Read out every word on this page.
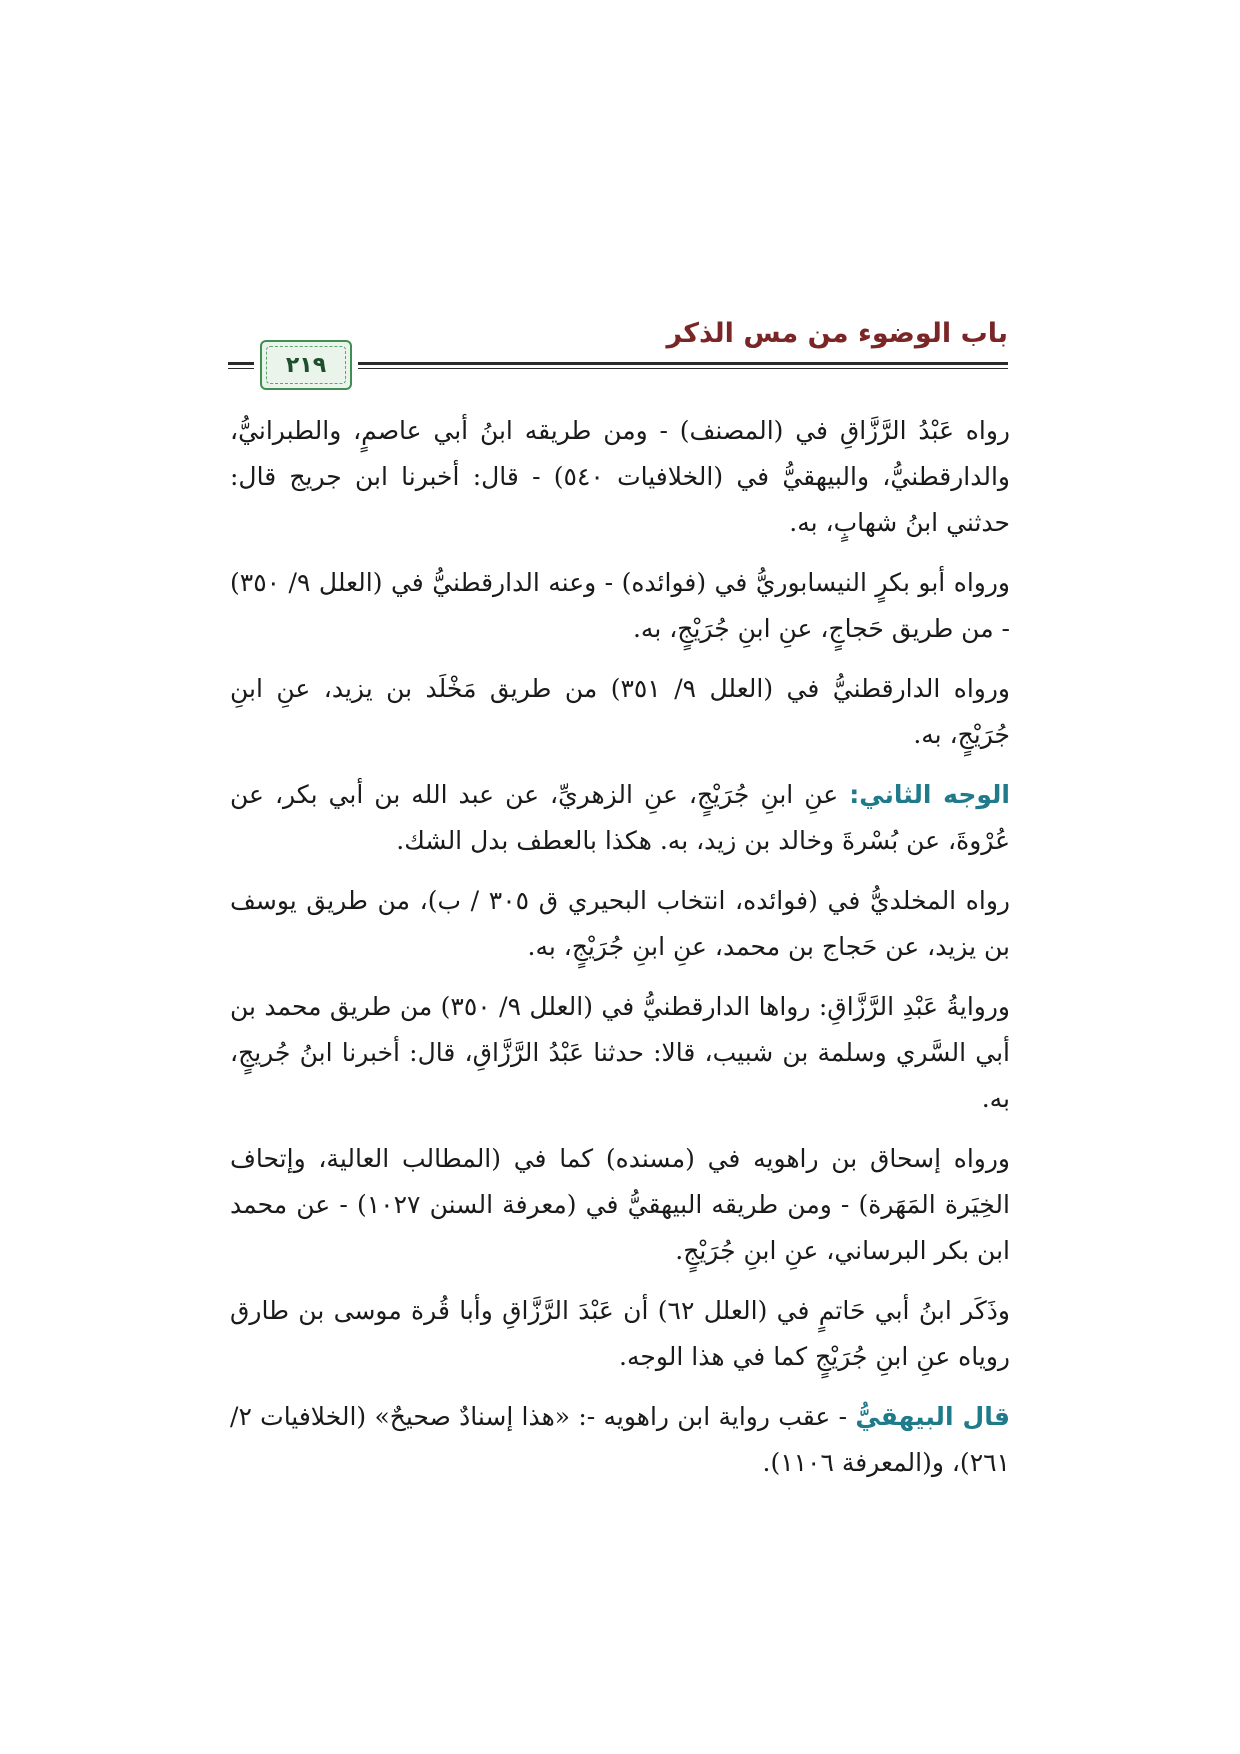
باب الوضوء من مس الذكر
٢١٩

رواه عَبْدُ الرَّزَّاقِ في (المصنف) - ومن طريقه ابنُ أبي عاصمٍ، والطبرانيُّ، والدارقطنيُّ، والبيهقيُّ في (الخلافيات ٥٤٠) - قال: أخبرنا ابن جريج قال: حدثني ابنُ شهابٍ، به.

ورواه أبو بكرٍ النيسابوريُّ في (فوائده) - وعنه الدارقطنيُّ في (العلل ٩/ ٣٥٠) - من طريق حَجاجٍ، عنِ ابنِ جُرَيْجٍ، به.

ورواه الدارقطنيُّ في (العلل ٩/ ٣٥١) من طريق مَخْلَد بن يزيد، عنِ ابنِ جُرَيْجٍ، به.

الوجه الثاني: عنِ ابنِ جُرَيْجٍ، عنِ الزهريِّ، عن عبد الله بن أبي بكر، عن عُرْوةَ، عن بُسْرةَ وخالد بن زيد، به. هكذا بالعطف بدل الشك.

رواه المخلديُّ في (فوائده، انتخاب البحيري ق ٣٠٥ / ب)، من طريق يوسف بن يزيد، عن حَجاج بن محمد، عنِ ابنِ جُرَيْجٍ، به.

وروايةُ عَبْدِ الرَّزَّاقِ: رواها الدارقطنيُّ في (العلل ٩/ ٣٥٠) من طريق محمد بن أبي السَّري وسلمة بن شبيب، قالا: حدثنا عَبْدُ الرَّزَّاقِ، قال: أخبرنا ابنُ جُريجٍ، به.

ورواه إسحاق بن راهويه في (مسنده) كما في (المطالب العالية، وإتحاف الخِيَرة المَهَرة) - ومن طريقه البيهقيُّ في (معرفة السنن ١٠٢٧) - عن محمد ابن بكر البرساني، عنِ ابنِ جُرَيْجٍ.

وذَكَر ابنُ أبي حَاتمٍ في (العلل ٦٢) أن عَبْدَ الرَّزَّاقِ وأبا قُرة موسى بن طارق روياه عنِ ابنِ جُرَيْجٍ كما في هذا الوجه.

قال البيهقيُّ - عقب رواية ابن راهويه -: «هذا إسنادٌ صحيحٌ» (الخلافيات ٢/ ٢٦١)، و(المعرفة ١١٠٦).
